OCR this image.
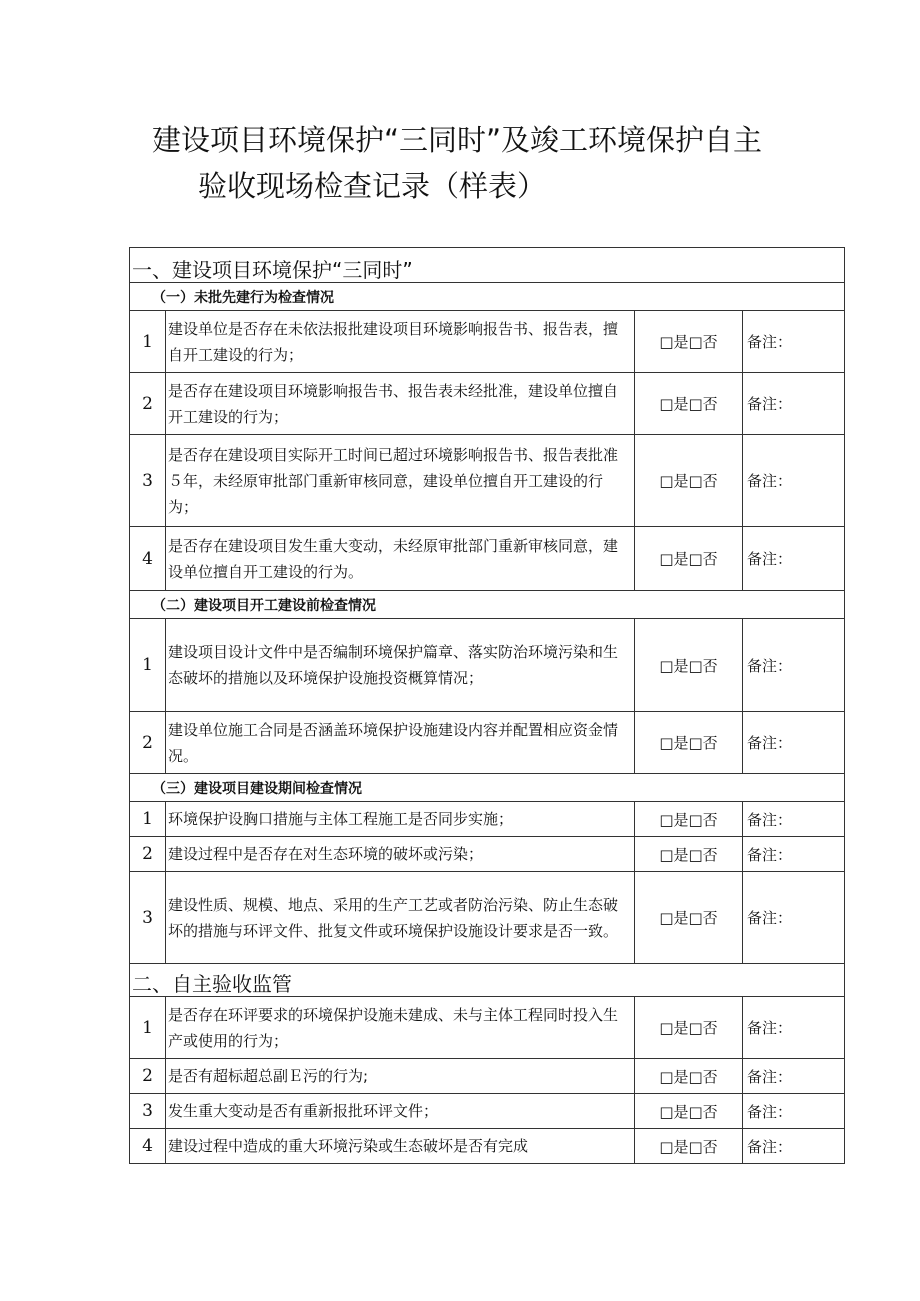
建设项目环境保护“三同时”及竣工环境保护自主
验收现场检查记录（样表）
一、建设项目环境保护“三同时”			
（一）未批先建行为检查情况			
1	建设单位是否存在未依法报批建设项目环境影响报告书、报告表，擅自开工建设的行为；	□是□否	备注：
2	是否存在建设项目环境影响报告书、报告表未经批准，建设单位擅自开工建设的行为；	□是□否	备注：
3	是否存在建设项目实际开工时间已超过环境影响报告书、报告表批准５年，未经原审批部门重新审核同意，建设单位擅自开工建设的行为；	□是□否	备注：
4	是否存在建设项目发生重大变动，未经原审批部门重新审核同意，建设单位擅自开工建设的行为。	□是□否	备注：
（二）建设项目开工建设前检查情况			
1	建设项目设计文件中是否编制环境保护篇章、落实防治环境污染和生态破坏的措施以及环境保护设施投资概算情况；	□是□否	备注：
2	建设单位施工合同是否涵盖环境保护设施建设内容并配置相应资金情况。	□是□否	备注：
（三）建设项目建设期间检查情况			
1	环境保护设胸口措施与主体工程施工是否同步实施；	□是□否	备注：
2	建设过程中是否存在对生态环境的破坏或污染；	□是□否	备注：
3	建设性质、规模、地点、采用的生产工艺或者防治污染、防止生态破坏的措施与环评文件、批复文件或环境保护设施设计要求是否一致。	□是□否	备注：
二、自主验收监管			
1	是否存在环评要求的环境保护设施未建成、未与主体工程同时投入生产或使用的行为；	□是□否	备注：
2	是否有超标超总副Ｅ污的行为;	□是□否	备注：
3	发生重大变动是否有重新报批环评文件；	□是□否	备注：
4	建设过程中造成的重大环境污染或生态破坏是否有完成	□是□否	备注：
